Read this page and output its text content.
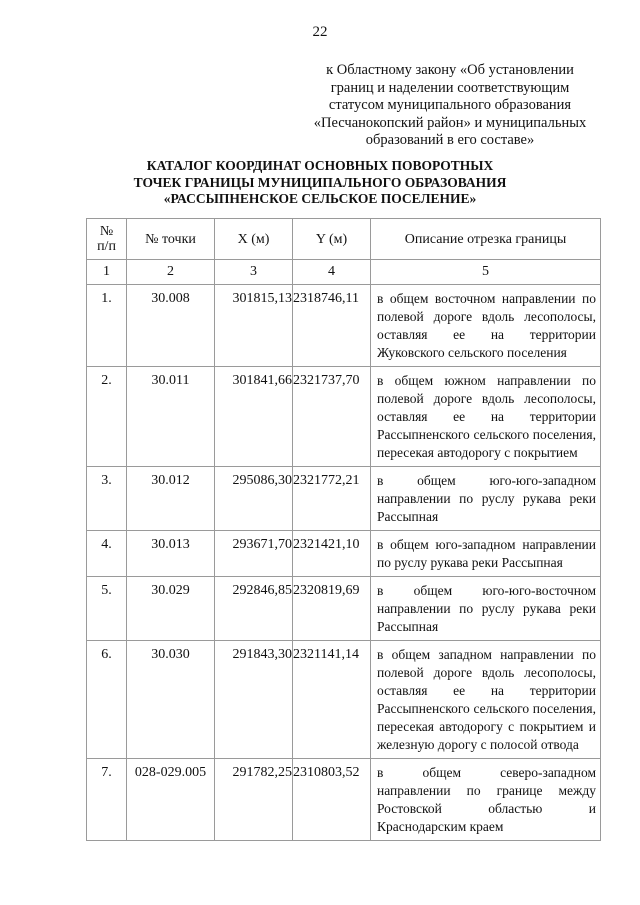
22
к Областному закону «Об установлении
границ и наделении соответствующим
статусом муниципального образования
«Песчанокопский район» и муниципальных
образований в его составе»
КАТАЛОГ КООРДИНАТ ОСНОВНЫХ ПОВОРОТНЫХ
ТОЧЕК ГРАНИЦЫ МУНИЦИПАЛЬНОГО ОБРАЗОВАНИЯ
«РАССЫПНЕНСКОЕ СЕЛЬСКОЕ ПОСЕЛЕНИЕ»
№
п/п	№ точки	X (м)	Y (м)	Описание отрезка границы
1	2	3	4	5
1.	30.008	301815,13	2318746,11	в общем восточном направлении по полевой дороге вдоль лесополосы, оставляя ее на территории Жуковского сельского поселения
2.	30.011	301841,66	2321737,70	в общем южном направлении по полевой дороге вдоль лесополосы, оставляя ее на территории Рассыпненского сельского поселения, пересекая автодорогу с покрытием
3.	30.012	295086,30	2321772,21	в общем юго-юго-западном направлении по руслу рукава реки Рассыпная
4.	30.013	293671,70	2321421,10	в общем юго-западном направлении по руслу рукава реки Рассыпная
5.	30.029	292846,85	2320819,69	в общем юго-юго-восточном направлении по руслу рукава реки Рассыпная
6.	30.030	291843,30	2321141,14	в общем западном направлении по полевой дороге вдоль лесополосы, оставляя ее на территории Рассыпненского сельского поселения, пересекая автодорогу с покрытием и железную дорогу с полосой отвода
7.	028-029.005	291782,25	2310803,52	в общем северо-западном направлении по границе между Ростовской областью и Краснодарским краем
